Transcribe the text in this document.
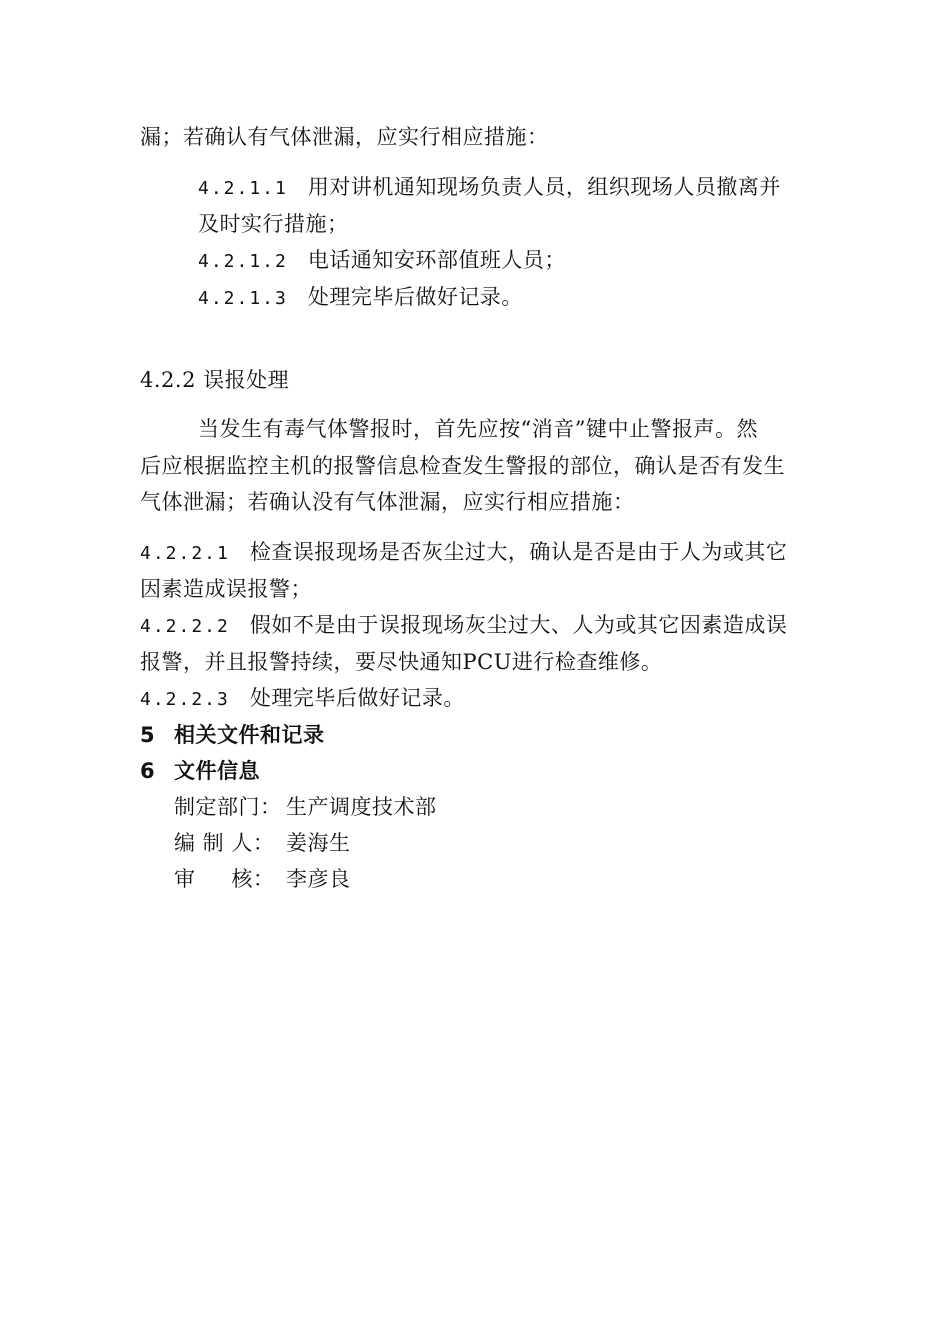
漏；若确认有气体泄漏，应实行相应措施：
4.2.1.1 用对讲机通知现场负责人员，组织现场人员撤离并
及时实行措施；
4.2.1.2 电话通知安环部值班人员；
4.2.1.3 处理完毕后做好记录。
4.2.2 误报处理
当发生有毒气体警报时，首先应按“消音”键中止警报声。然
后应根据监控主机的报警信息检查发生警报的部位，确认是否有发生
气体泄漏；若确认没有气体泄漏，应实行相应措施：
4.2.2.1 检查误报现场是否灰尘过大，确认是否是由于人为或其它
因素造成误报警；
4.2.2.2 假如不是由于误报现场灰尘过大、人为或其它因素造成误
报警，并且报警持续，要尽快通知PCU进行检查维修。
4.2.2.3 处理完毕后做好记录。
5 相关文件和记录
6 文件信息
制定部门： 生产调度技术部
编 制 人： 姜海生
审     核： 李彦良
